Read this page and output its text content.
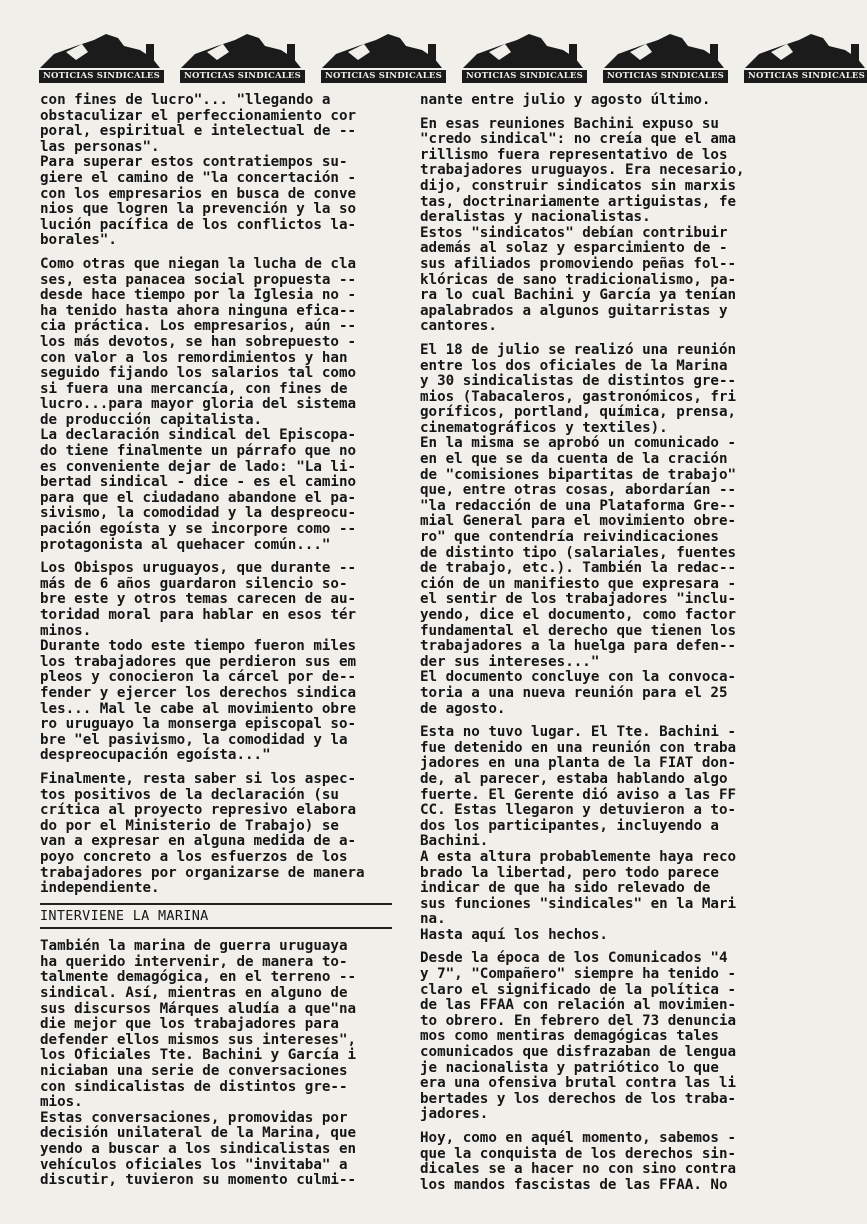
NOTICIAS SINDICALES	NOTICIAS SINDICALES	NOTICIAS SINDICALES	NOTICIAS SINDICALES	NOTICIAS SINDICALES	NOTICIAS SINDICALES

con fines de lucro"... "llegando a
obstaculizar el perfeccionamiento cor
poral, espiritual e intelectual de --
las personas".
Para superar estos contratiempos su-
giere el camino de "la concertación -
con los empresarios en busca de conve
nios que logren la prevención y la so
lución pacífica de los conflictos la-
borales".

Como otras que niegan la lucha de cla
ses, esta panacea social propuesta --
desde hace tiempo por la Iglesia no -
ha tenido hasta ahora ninguna efica--
cia práctica. Los empresarios, aún --
los más devotos, se han sobrepuesto -
con valor a los remordimientos y han
seguido fijando los salarios tal como
si fuera una mercancía, con fines de
lucro...para mayor gloria del sistema
de producción capitalista.
La declaración sindical del Episcopa-
do tiene finalmente un párrafo que no
es conveniente dejar de lado: "La li-
bertad sindical - dice - es el camino
para que el ciudadano abandone el pa-
sivismo, la comodidad y la despreocu-
pación egoísta y se incorpore como --
protagonista al quehacer común..."

Los Obispos uruguayos, que durante --
más de 6 años guardaron silencio so-
bre este y otros temas carecen de au-
toridad moral para hablar en esos tér
minos.
Durante todo este tiempo fueron miles
los trabajadores que perdieron sus em
pleos y conocieron la cárcel por de--
fender y ejercer los derechos sindica
les... Mal le cabe al movimiento obre
ro uruguayo la monserga episcopal so-
bre "el pasivismo, la comodidad y la
despreocupación egoísta..."

Finalmente, resta saber si los aspec-
tos positivos de la declaración (su
crítica al proyecto represivo elabora
do por el Ministerio de Trabajo) se
van a expresar en alguna medida de a-
poyo concreto a los esfuerzos de los
trabajadores por organizarse de manera independiente.

INTERVIENE LA MARINA

También la marina de guerra uruguaya
ha querido intervenir, de manera to-
talmente demagógica, en el terreno --
sindical. Así, mientras en alguno de
sus discursos Márques aludía a que"na
die mejor que los trabajadores para
defender ellos mismos sus intereses",
los Oficiales Tte. Bachini y García i
niciaban una serie de conversaciones
con sindicalistas de distintos gre--
mios.
Estas conversaciones, promovidas por
decisión unilateral de la Marina, que
yendo a buscar a los sindicalistas en
vehículos oficiales los "invitaba" a
discutir, tuvieron su momento culmi--

nante entre julio y agosto último.

En esas reuniones Bachini expuso su
"credo sindical": no creía que el ama
rillismo fuera representativo de los
trabajadores uruguayos. Era necesario,
dijo, construir sindicatos sin marxis
tas, doctrinariamente artiguistas, fe
deralistas y nacionalistas.
Estos "sindicatos" debían contribuir
además al solaz y esparcimiento de -
sus afiliados promoviendo peñas fol--
klóricas de sano tradicionalismo, pa-
ra lo cual Bachini y García ya tenían
apalabrados a algunos guitarristas y
cantores.

El 18 de julio se realizó una reunión
entre los dos oficiales de la Marina
y 30 sindicalistas de distintos gre--
mios (Tabacaleros, gastronómicos, fri
goríficos, portland, química, prensa,
cinematográficos y textiles).
En la misma se aprobó un comunicado -
en el que se da cuenta de la cración
de "comisiones bipartitas de trabajo"
que, entre otras cosas, abordarían --
"la redacción de una Plataforma Gre--
mial General para el movimiento obre-
ro" que contendría reivindicaciones
de distinto tipo (salariales, fuentes
de trabajo, etc.). También la redac--
ción de un manifiesto que expresara -
el sentir de los trabajadores "inclu-
yendo, dice el documento, como factor
fundamental el derecho que tienen los
trabajadores a la huelga para defen--
der sus intereses..."
El documento concluye con la convoca-
toria a una nueva reunión para el 25
de agosto.

Esta no tuvo lugar. El Tte. Bachini -
fue detenido en una reunión con traba
jadores en una planta de la FIAT don-
de, al parecer, estaba hablando algo
fuerte. El Gerente dió aviso a las FF
CC. Estas llegaron y detuvieron a to-
dos los participantes, incluyendo a
Bachini.
A esta altura probablemente haya reco
brado la libertad, pero todo parece
indicar de que ha sido relevado de
sus funciones "sindicales" en la Mari
na.
Hasta aquí los hechos.

Desde la época de los Comunicados "4
y 7", "Compañero" siempre ha tenido -
claro el significado de la política -
de las FFAA con relación al movimien-
to obrero. En febrero del 73 denuncia
mos como mentiras demagógicas tales
comunicados que disfrazaban de lengua
je nacionalista y patriótico lo que
era una ofensiva brutal contra las li
bertades y los derechos de los traba-
jadores.

Hoy, como en aquél momento, sabemos -
que la conquista de los derechos sin-
dicales se a hacer no con sino contra
los mandos fascistas de las FFAA. No
